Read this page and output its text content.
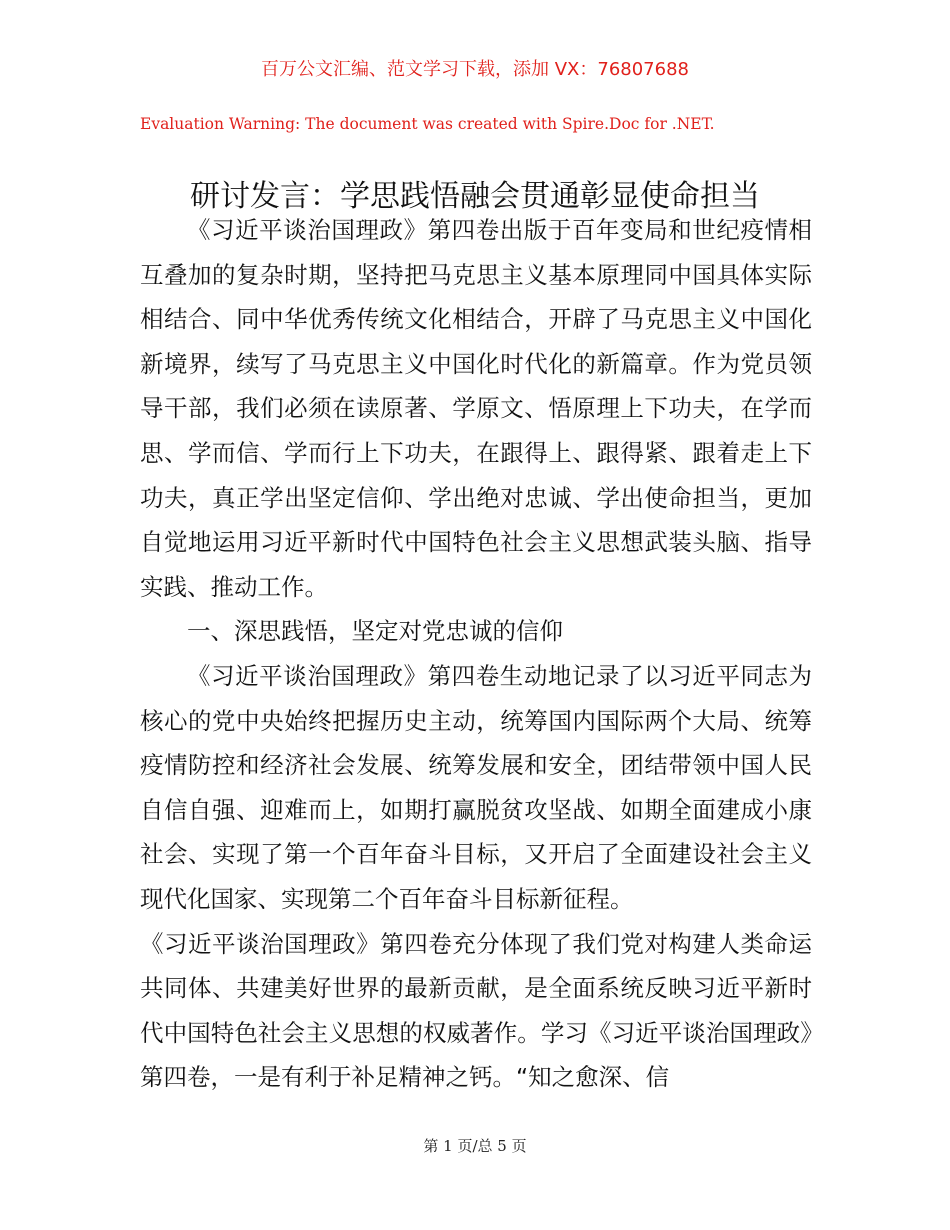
百万公文汇编、范文学习下载，添加 VX：76807688
Evaluation Warning: The document was created with Spire.Doc for .NET.
研讨发言：学思践悟融会贯通彰显使命担当

《习近平谈治国理政》第四卷出版于百年变局和世纪疫情相互叠加的复杂时期，坚持把马克思主义基本原理同中国具体实际相结合、同中华优秀传统文化相结合，开辟了马克思主义中国化新境界，续写了马克思主义中国化时代化的新篇章。作为党员领导干部，我们必须在读原著、学原文、悟原理上下功夫，在学而思、学而信、学而行上下功夫，在跟得上、跟得紧、跟着走上下功夫，真正学出坚定信仰、学出绝对忠诚、学出使命担当，更加自觉地运用习近平新时代中国特色社会主义思想武装头脑、指导实践、推动工作。

一、深思践悟，坚定对党忠诚的信仰

《习近平谈治国理政》第四卷生动地记录了以习近平同志为核心的党中央始终把握历史主动，统筹国内国际两个大局、统筹疫情防控和经济社会发展、统筹发展和安全，团结带领中国人民自信自强、迎难而上，如期打赢脱贫攻坚战、如期全面建成小康社会、实现了第一个百年奋斗目标，又开启了全面建设社会主义现代化国家、实现第二个百年奋斗目标新征程。

《习近平谈治国理政》第四卷充分体现了我们党对构建人类命运共同体、共建美好世界的最新贡献，是全面系统反映习近平新时代中国特色社会主义思想的权威著作。学习《习近平谈治国理政》第四卷，一是有利于补足精神之钙。“知之愈深、信

第 1 页/总 5 页
